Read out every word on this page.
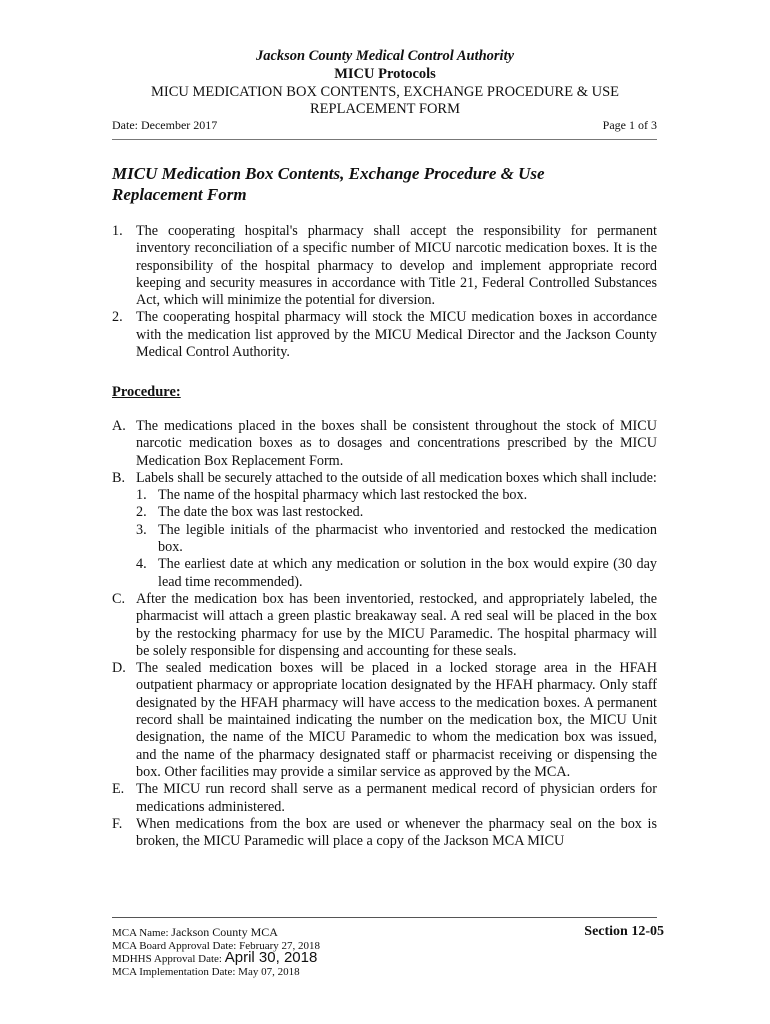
Jackson County Medical Control Authority
MICU Protocols
MICU MEDICATION BOX CONTENTS, EXCHANGE PROCEDURE & USE
REPLACEMENT FORM
Date: December 2017	Page 1 of 3
MICU Medication Box Contents, Exchange Procedure & Use Replacement Form
1. The cooperating hospital's pharmacy shall accept the responsibility for permanent inventory reconciliation of a specific number of MICU narcotic medication boxes. It is the responsibility of the hospital pharmacy to develop and implement appropriate record keeping and security measures in accordance with Title 21, Federal Controlled Substances Act, which will minimize the potential for diversion.
2. The cooperating hospital pharmacy will stock the MICU medication boxes in accordance with the medication list approved by the MICU Medical Director and the Jackson County Medical Control Authority.
Procedure:
A. The medications placed in the boxes shall be consistent throughout the stock of MICU narcotic medication boxes as to dosages and concentrations prescribed by the MICU Medication Box Replacement Form.
B. Labels shall be securely attached to the outside of all medication boxes which shall include:
1. The name of the hospital pharmacy which last restocked the box.
2. The date the box was last restocked.
3. The legible initials of the pharmacist who inventoried and restocked the medication box.
4. The earliest date at which any medication or solution in the box would expire (30 day lead time recommended).
C. After the medication box has been inventoried, restocked, and appropriately labeled, the pharmacist will attach a green plastic breakaway seal. A red seal will be placed in the box by the restocking pharmacy for use by the MICU Paramedic. The hospital pharmacy will be solely responsible for dispensing and accounting for these seals.
D. The sealed medication boxes will be placed in a locked storage area in the HFAH outpatient pharmacy or appropriate location designated by the HFAH pharmacy. Only staff designated by the HFAH pharmacy will have access to the medication boxes. A permanent record shall be maintained indicating the number on the medication box, the MICU Unit designation, the name of the MICU Paramedic to whom the medication box was issued, and the name of the pharmacy designated staff or pharmacist receiving or dispensing the box. Other facilities may provide a similar service as approved by the MCA.
E. The MICU run record shall serve as a permanent medical record of physician orders for medications administered.
F. When medications from the box are used or whenever the pharmacy seal on the box is broken, the MICU Paramedic will place a copy of the Jackson MCA MICU
MCA Name: Jackson County MCA
MCA Board Approval Date: February 27, 2018
MDHHS Approval Date: April 30, 2018
MCA Implementation Date: May 07, 2018
Section 12-05
